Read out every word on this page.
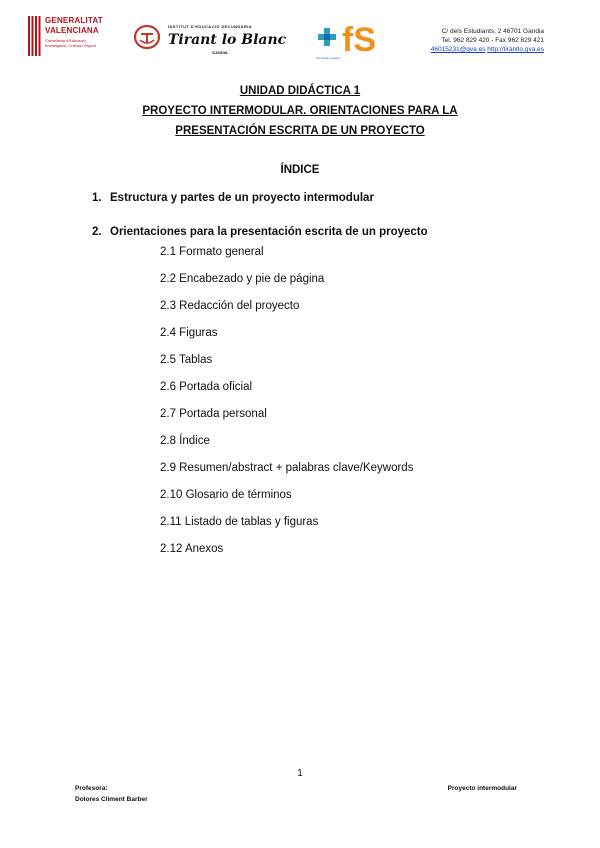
GENERALITAT
VALENCIANA
Conselleria d'Educació,
Investigació, Cultura i Esport
INSTITUT D'EDUCACIÓ SECUNDÀRIA
Tirant lo Blanc
GANDIA	fS
formación superior
C/ dels Estudiants, 2 46701 Gandia
Tel. 962 829 420 - Fax 962 829 421
46015231@gva.es http://tirantlo.gva.es
UNIDAD DIDÁCTICA 1
PROYECTO INTERMODULAR. ORIENTACIONES PARA LA
PRESENTACIÓN ESCRITA DE UN PROYECTO
ÍNDICE
1. Estructura y partes de un proyecto intermodular
2. Orientaciones para la presentación escrita de un proyecto
2.1 Formato general
2.2 Encabezado y pie de página
2.3 Redacción del proyecto
2.4 Figuras
2.5 Tablas
2.6 Portada oficial
2.7 Portada personal
2.8 Índice
2.9 Resumen/abstract + palabras clave/Keywords
2.10 Glosario de términos
2.11 Listado de tablas y figuras
2.12 Anexos
1
Profesora:
Dolores Climent Barber
Proyecto intermodular
